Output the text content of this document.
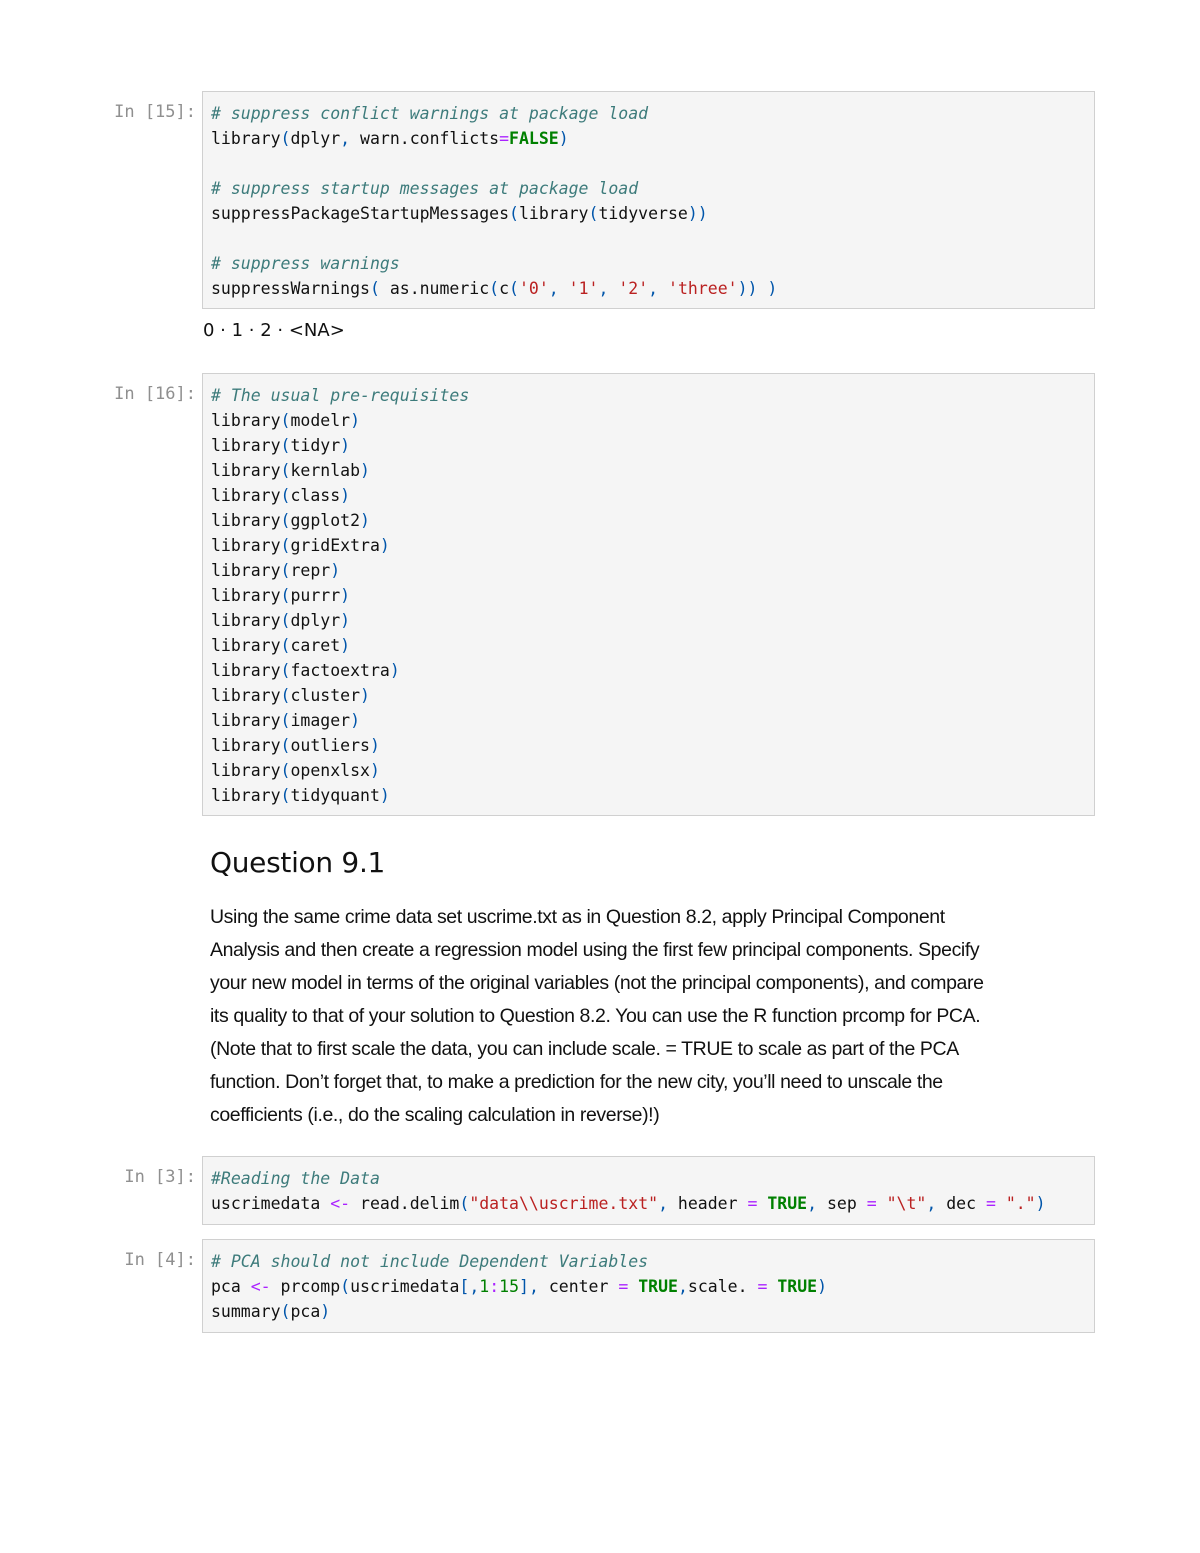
In [15]: # suppress conflict warnings at package load
library(dplyr, warn.conflicts=FALSE)

# suppress startup messages at package load
suppressPackageStartupMessages(library(tidyverse))

# suppress warnings
suppressWarnings( as.numeric(c('0', '1', '2', 'three')) )
0 · 1 · 2 · <NA>
In [16]: # The usual pre-requisites
library(modelr)
library(tidyr)
library(kernlab)
library(class)
library(ggplot2)
library(gridExtra)
library(repr)
library(purrr)
library(dplyr)
library(caret)
library(factoextra)
library(cluster)
library(imager)
library(outliers)
library(openxlsx)
library(tidyquant)
Question 9.1

Using the same crime data set uscrime.txt as in Question 8.2, apply Principal Component

Analysis and then create a regression model using the first few principal components. Specify

your new model in terms of the original variables (not the principal components), and compare

its quality to that of your solution to Question 8.2. You can use the R function prcomp for PCA.

(Note that to first scale the data, you can include scale. = TRUE to scale as part of the PCA

function. Don’t forget that, to make a prediction for the new city, you’ll need to unscale the

coefficients (i.e., do the scaling calculation in reverse)!)

In [3]: #Reading the Data
uscrimedata <- read.delim("data\\uscrime.txt", header = TRUE, sep = "\t", dec = ".")
In [4]: # PCA should not include Dependent Variables
pca <- prcomp(uscrimedata[,1:15], center = TRUE,scale. = TRUE)
summary(pca)
